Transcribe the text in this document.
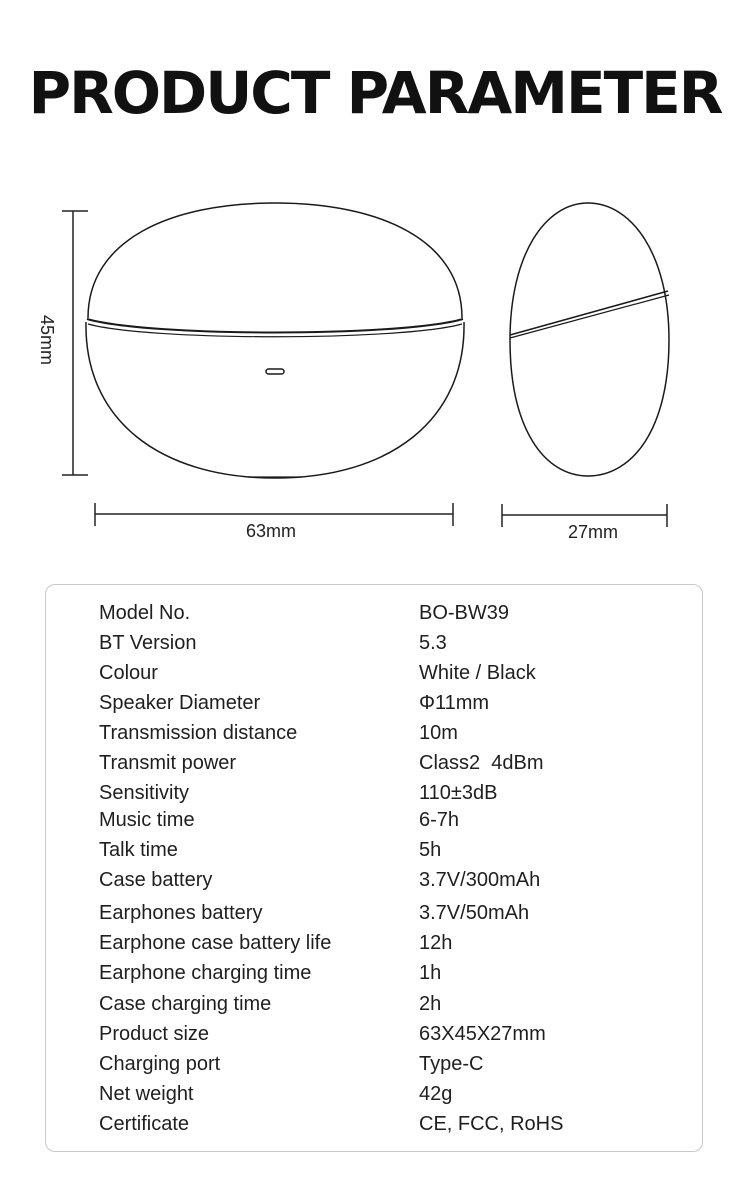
PRODUCT PARAMETER
45mm
63mm	27mm
Model No.	BO-BW39
BT Version	5.3
Colour	White / Black
Speaker Diameter	Φ11mm
Transmission distance	10m
Transmit power	Class2  4dBm
Sensitivity	110±3dB
Music time	6-7h
Talk time	5h
Case battery	3.7V/300mAh
Earphones battery	3.7V/50mAh
Earphone case battery life	12h
Earphone charging time	1h
Case charging time	2h
Product size	63X45X27mm
Charging port	Type-C
Net weight	42g
Certificate	CE, FCC, RoHS
